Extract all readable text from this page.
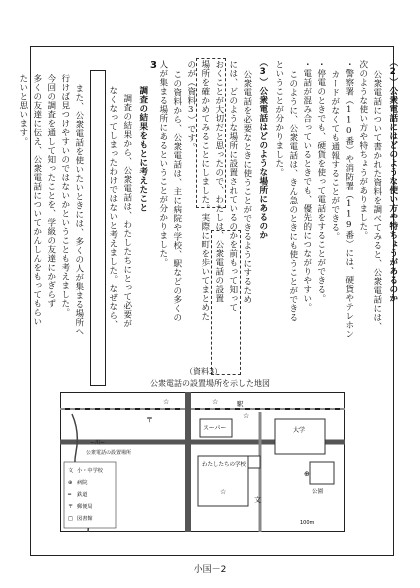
（2）公衆電話にはどのような使い方や特ちょうがあるのか
公衆電話について書かれた資料を調べてみると、公衆電話には、
次のような使い方や特ちょうがありました。
・警察署（110番）や消防署（119番）には、硬貨やテレホン
カードがなくても通報することができる。
・停電のときでも、硬貨を使って電話をすることができる。
・電話が混み合っているときでも、優先的につながりやすい。
このように、公衆電話は、きん急のときにも使うことができる
ということが分かりました。
（3）公衆電話はどのような場所にあるのか
公衆電話を必要なときに使うことができるようにするため
には、どのような場所に設置されているのかを前もって知って
おくことが大切だと思ったので、わたしは、公衆電話の設置
場所を確かめてみることにしました。実際に町を歩いてまとめた
のが（資料3）です。
この資料から、公衆電話は、主に病院や学校、駅などの多くの
人が集まる場所にあるということが分かりました。
3
調査の結果をもとに考えたこと
調査の結果から、公衆電話は、わたしたちにとって必要が
なくなってしまったわけではないと考えました。なぜなら、
また、公衆電話を使いたいときには、多くの人が集まる場所へ
行けば見つけやすいのではないかということも考えました。
今回の調査を通して知ったことを、学級の友達にかぎらず
多くの友達に伝え、公衆電話についてかんしんをもってもらい
たいと思います。
（資料3）
公衆電話の設置場所を示した地図
☆	☆
☆
☆
文
⊕
〒
駅
スーパー	大学
わたしたちの学校
公園
100m
文 小・中学校
⊕ 病院
━ 鉄道
〒 郵便局
□ 図書館
公衆電話の設置場所
ー川ー
小国－2
